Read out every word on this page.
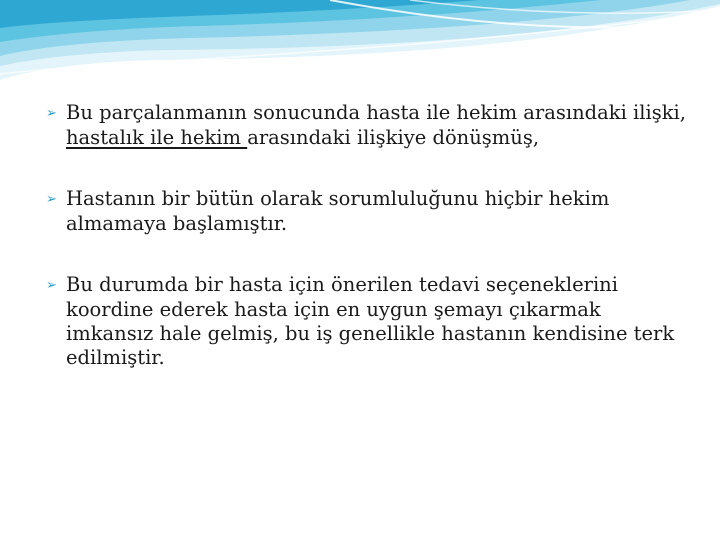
➢ Bu parçalanmanın sonucunda hasta ile hekim arasındaki ilişki, hastalık ile hekim arasındaki ilişkiye dönüşmüş,

➢ Hastanın bir bütün olarak sorumluluğunu hiçbir hekim almamaya başlamıştır.

➢ Bu durumda bir hasta için önerilen tedavi seçeneklerini koordine ederek hasta için en uygun şemayı çıkarmak imkansız hale gelmiş, bu iş genellikle hastanın kendisine terk edilmiştir.
